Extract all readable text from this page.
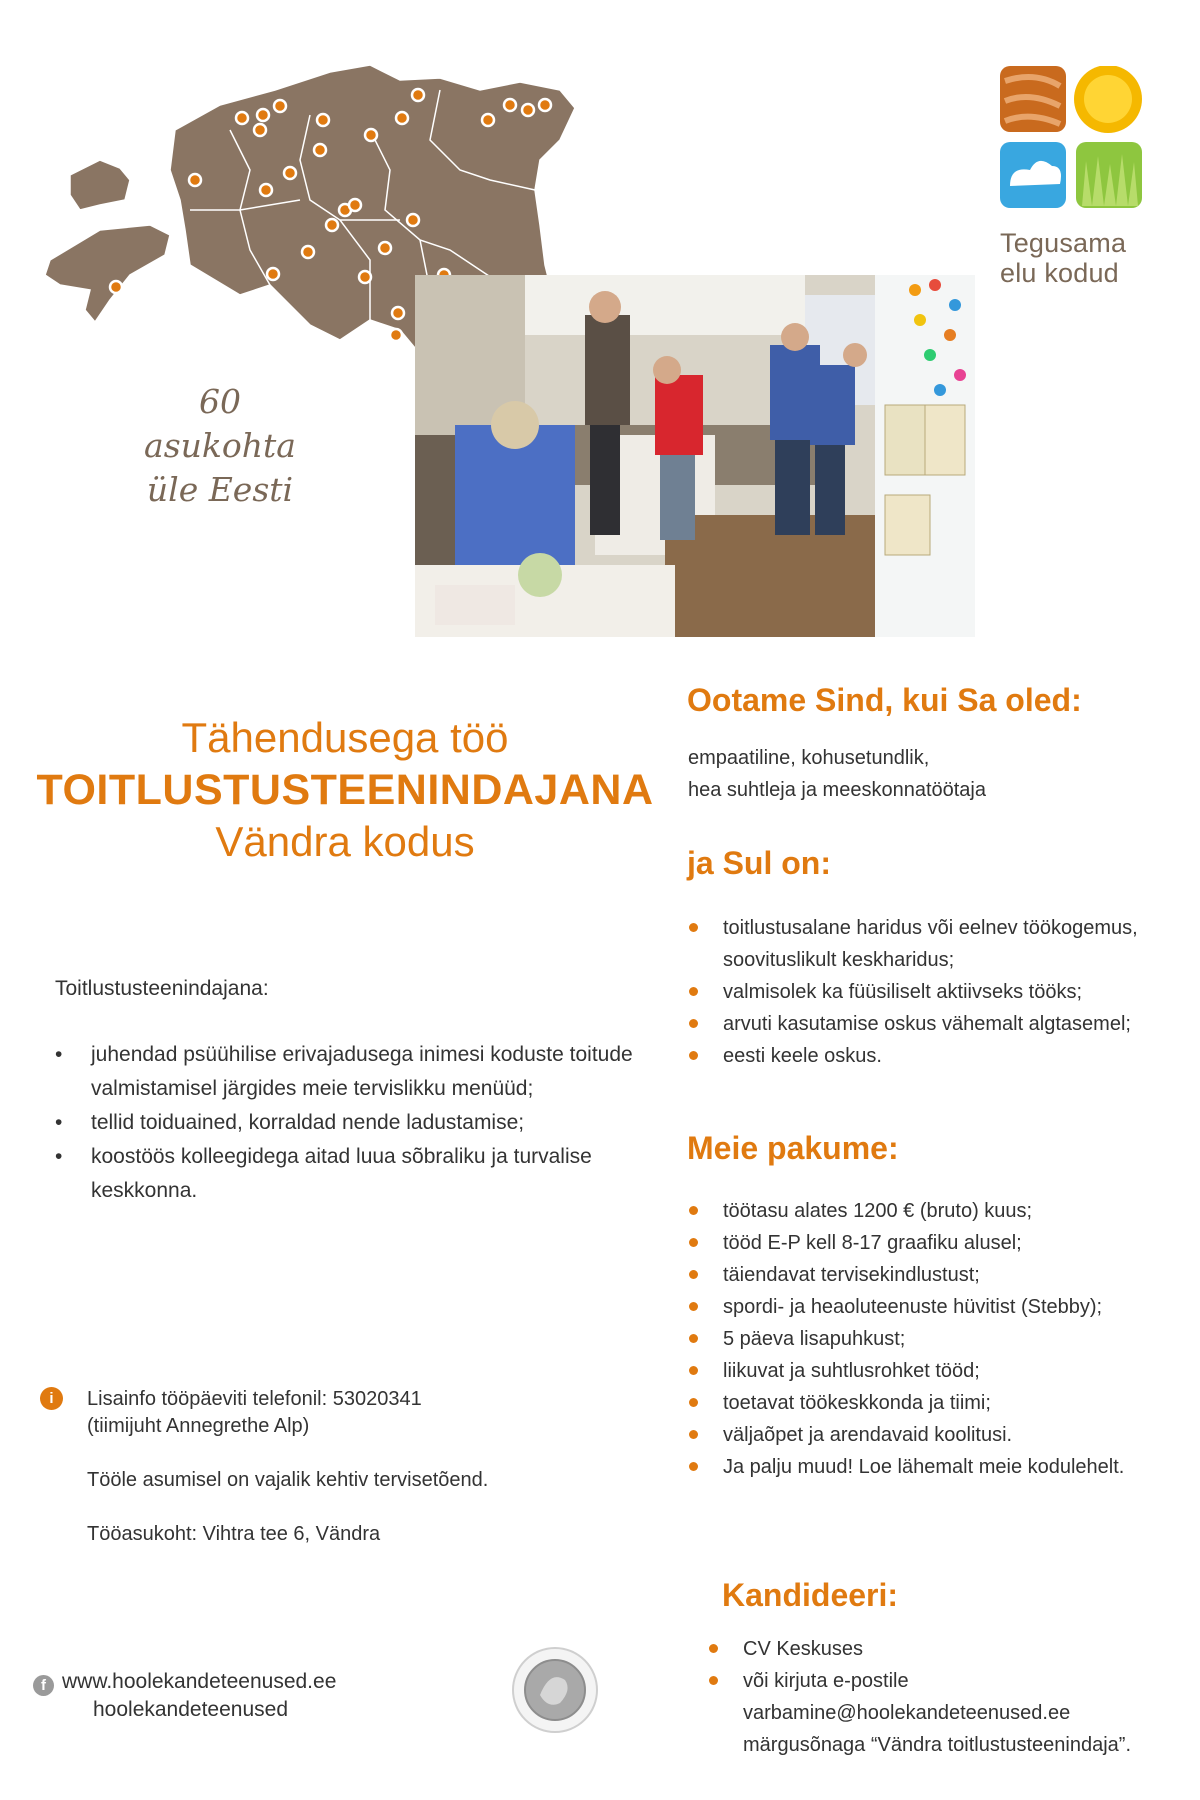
60
asukohta
üle Eesti
Tegusama
elu kodud
Tähendusega töö
TOITLUSTUSTEENINDAJANA
Vändra kodus
Toitlustusteenindajana:
• juhendad psüühilise erivajadusega inimesi koduste toitude valmistamisel järgides meie tervislikku menüüd;
• tellid toiduained, korraldad nende ladustamise;
• koostöös kolleegidega aitad luua sõbraliku ja turvalise keskkonna.
i	Lisainfo tööpäeviti telefonil: 53020341
(tiimijuht Annegrethe Alp)
Tööle asumisel on vajalik kehtiv tervisetõend.
Tööasukoht: Vihtra tee 6, Vändra
f www.hoolekandeteenused.ee
hoolekandeteenused
Ootame Sind, kui Sa oled:
empaatiline, kohusetundlik,
hea suhtleja ja meeskonnatöötaja
ja Sul on:
toitlustusalane haridus või eelnev töökogemus, soovituslikult keskharidus;
valmisolek ka füüsiliselt aktiivseks tööks;
arvuti kasutamise oskus vähemalt algtasemel;
eesti keele oskus.
Meie pakume:
töötasu alates 1200 € (bruto) kuus;
tööd E-P kell 8-17 graafiku alusel;
täiendavat tervisekindlustust;
spordi- ja heaoluteenuste hüvitist (Stebby);
5 päeva lisapuhkust;
liikuvat ja suhtlusrohket tööd;
toetavat töökeskkonda ja tiimi;
väljaõpet ja arendavaid koolitusi.
Ja palju muud! Loe lähemalt meie kodulehelt.
Kandideeri:
CV Keskuses
või kirjuta e-postile
varbamine@hoolekandeteenused.ee
märgusõnaga “Vändra toitlustusteenindaja”.
